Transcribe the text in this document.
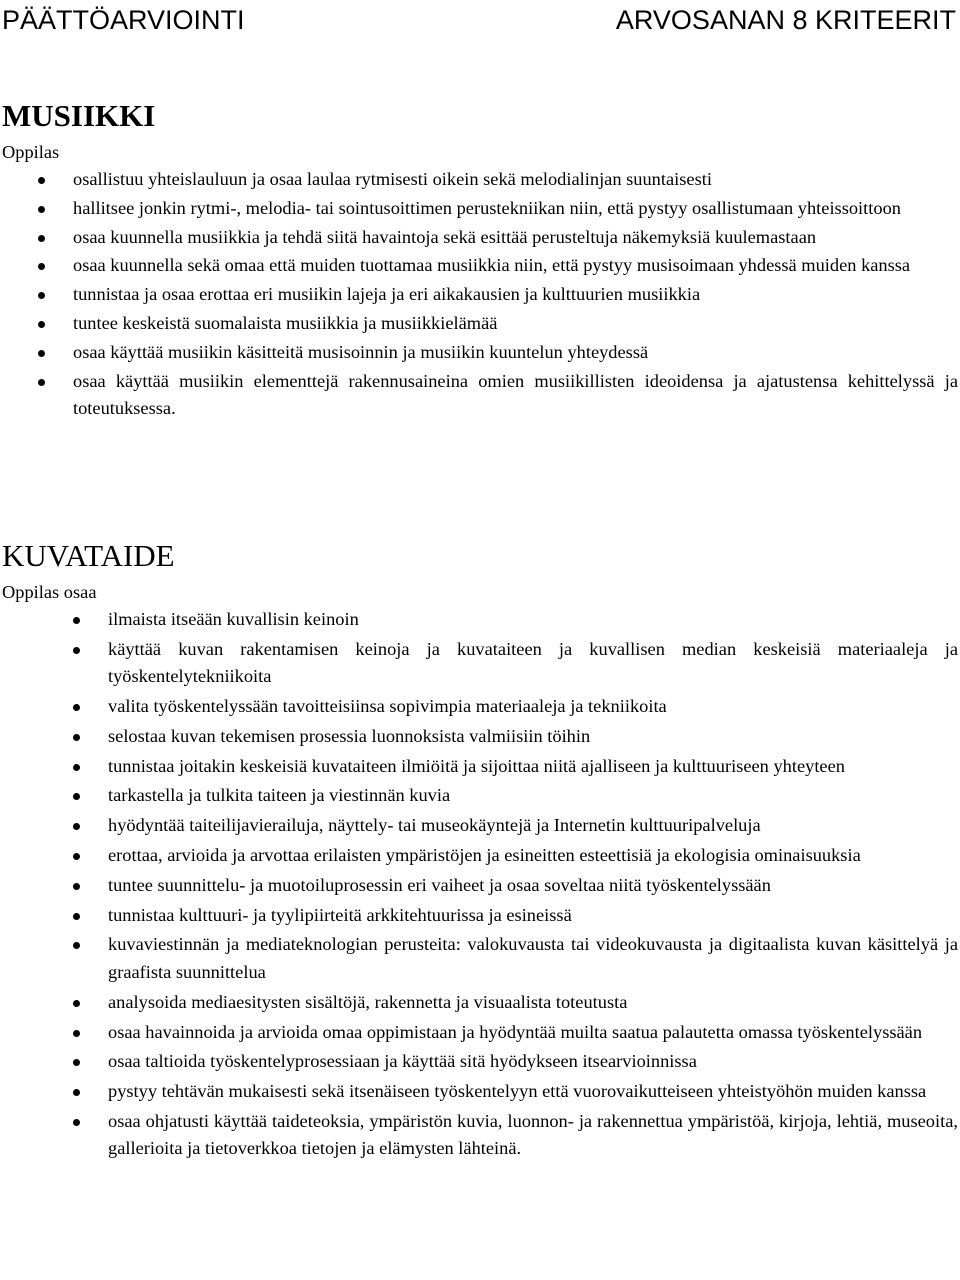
PÄÄTTÖARVIOINTI	ARVOSANAN 8 KRITEERIT
MUSIIKKI

Oppilas

osallistuu yhteislauluun ja osaa laulaa rytmisesti oikein sekä melodialinjan suuntaisesti
hallitsee jonkin rytmi-, melodia- tai sointusoittimen perustekniikan niin, että pystyy osallistumaan yhteissoittoon
osaa kuunnella musiikkia ja tehdä siitä havaintoja sekä esittää perusteltuja näkemyksiä kuulemastaan
osaa kuunnella sekä omaa että muiden tuottamaa musiikkia niin, että pystyy musisoimaan yhdessä muiden kanssa
tunnistaa ja osaa erottaa eri musiikin lajeja ja eri aikakausien ja kulttuurien musiikkia
tuntee keskeistä suomalaista musiikkia ja musiikkielämää
osaa käyttää musiikin käsitteitä musisoinnin ja musiikin kuuntelun yhteydessä
osaa käyttää musiikin elementtejä rakennusaineina omien musiikillisten ideoidensa ja ajatustensa kehittelyssä ja toteutuksessa.
KUVATAIDE

Oppilas osaa

ilmaista itseään kuvallisin keinoin
käyttää kuvan rakentamisen keinoja ja kuvataiteen ja kuvallisen median keskeisiä materiaaleja ja työskentelytekniikoita
valita työskentelyssään tavoitteisiinsa sopivimpia materiaaleja ja tekniikoita
selostaa kuvan tekemisen prosessia luonnoksista valmiisiin töihin
tunnistaa joitakin keskeisiä kuvataiteen ilmiöitä ja sijoittaa niitä ajalliseen ja kulttuuriseen yhteyteen
tarkastella ja tulkita taiteen ja viestinnän kuvia
hyödyntää taiteilijavierailuja, näyttely- tai museokäyntejä ja Internetin kulttuuripalveluja
erottaa, arvioida ja arvottaa erilaisten ympäristöjen ja esineitten esteettisiä ja ekologisia ominaisuuksia
tuntee suunnittelu- ja muotoiluprosessin eri vaiheet ja osaa soveltaa niitä työskentelyssään
tunnistaa kulttuuri- ja tyylipiirteitä arkkitehtuurissa ja esineissä
kuvaviestinnän ja mediateknologian perusteita: valokuvausta tai videokuvausta ja digitaalista kuvan käsittelyä ja graafista suunnittelua
analysoida mediaesitysten sisältöjä, rakennetta ja visuaalista toteutusta
osaa havainnoida ja arvioida omaa oppimistaan ja hyödyntää muilta saatua palautetta omassa työskentelyssään
osaa taltioida työskentelyprosessiaan ja käyttää sitä hyödykseen itsearvioinnissa
pystyy tehtävän mukaisesti sekä itsenäiseen työskentelyyn että vuorovaikutteiseen yhteistyöhön muiden kanssa
osaa ohjatusti käyttää taideteoksia, ympäristön kuvia, luonnon- ja rakennettua ympäristöä, kirjoja, lehtiä, museoita, gallerioita ja tietoverkkoa tietojen ja elämysten lähteinä.
